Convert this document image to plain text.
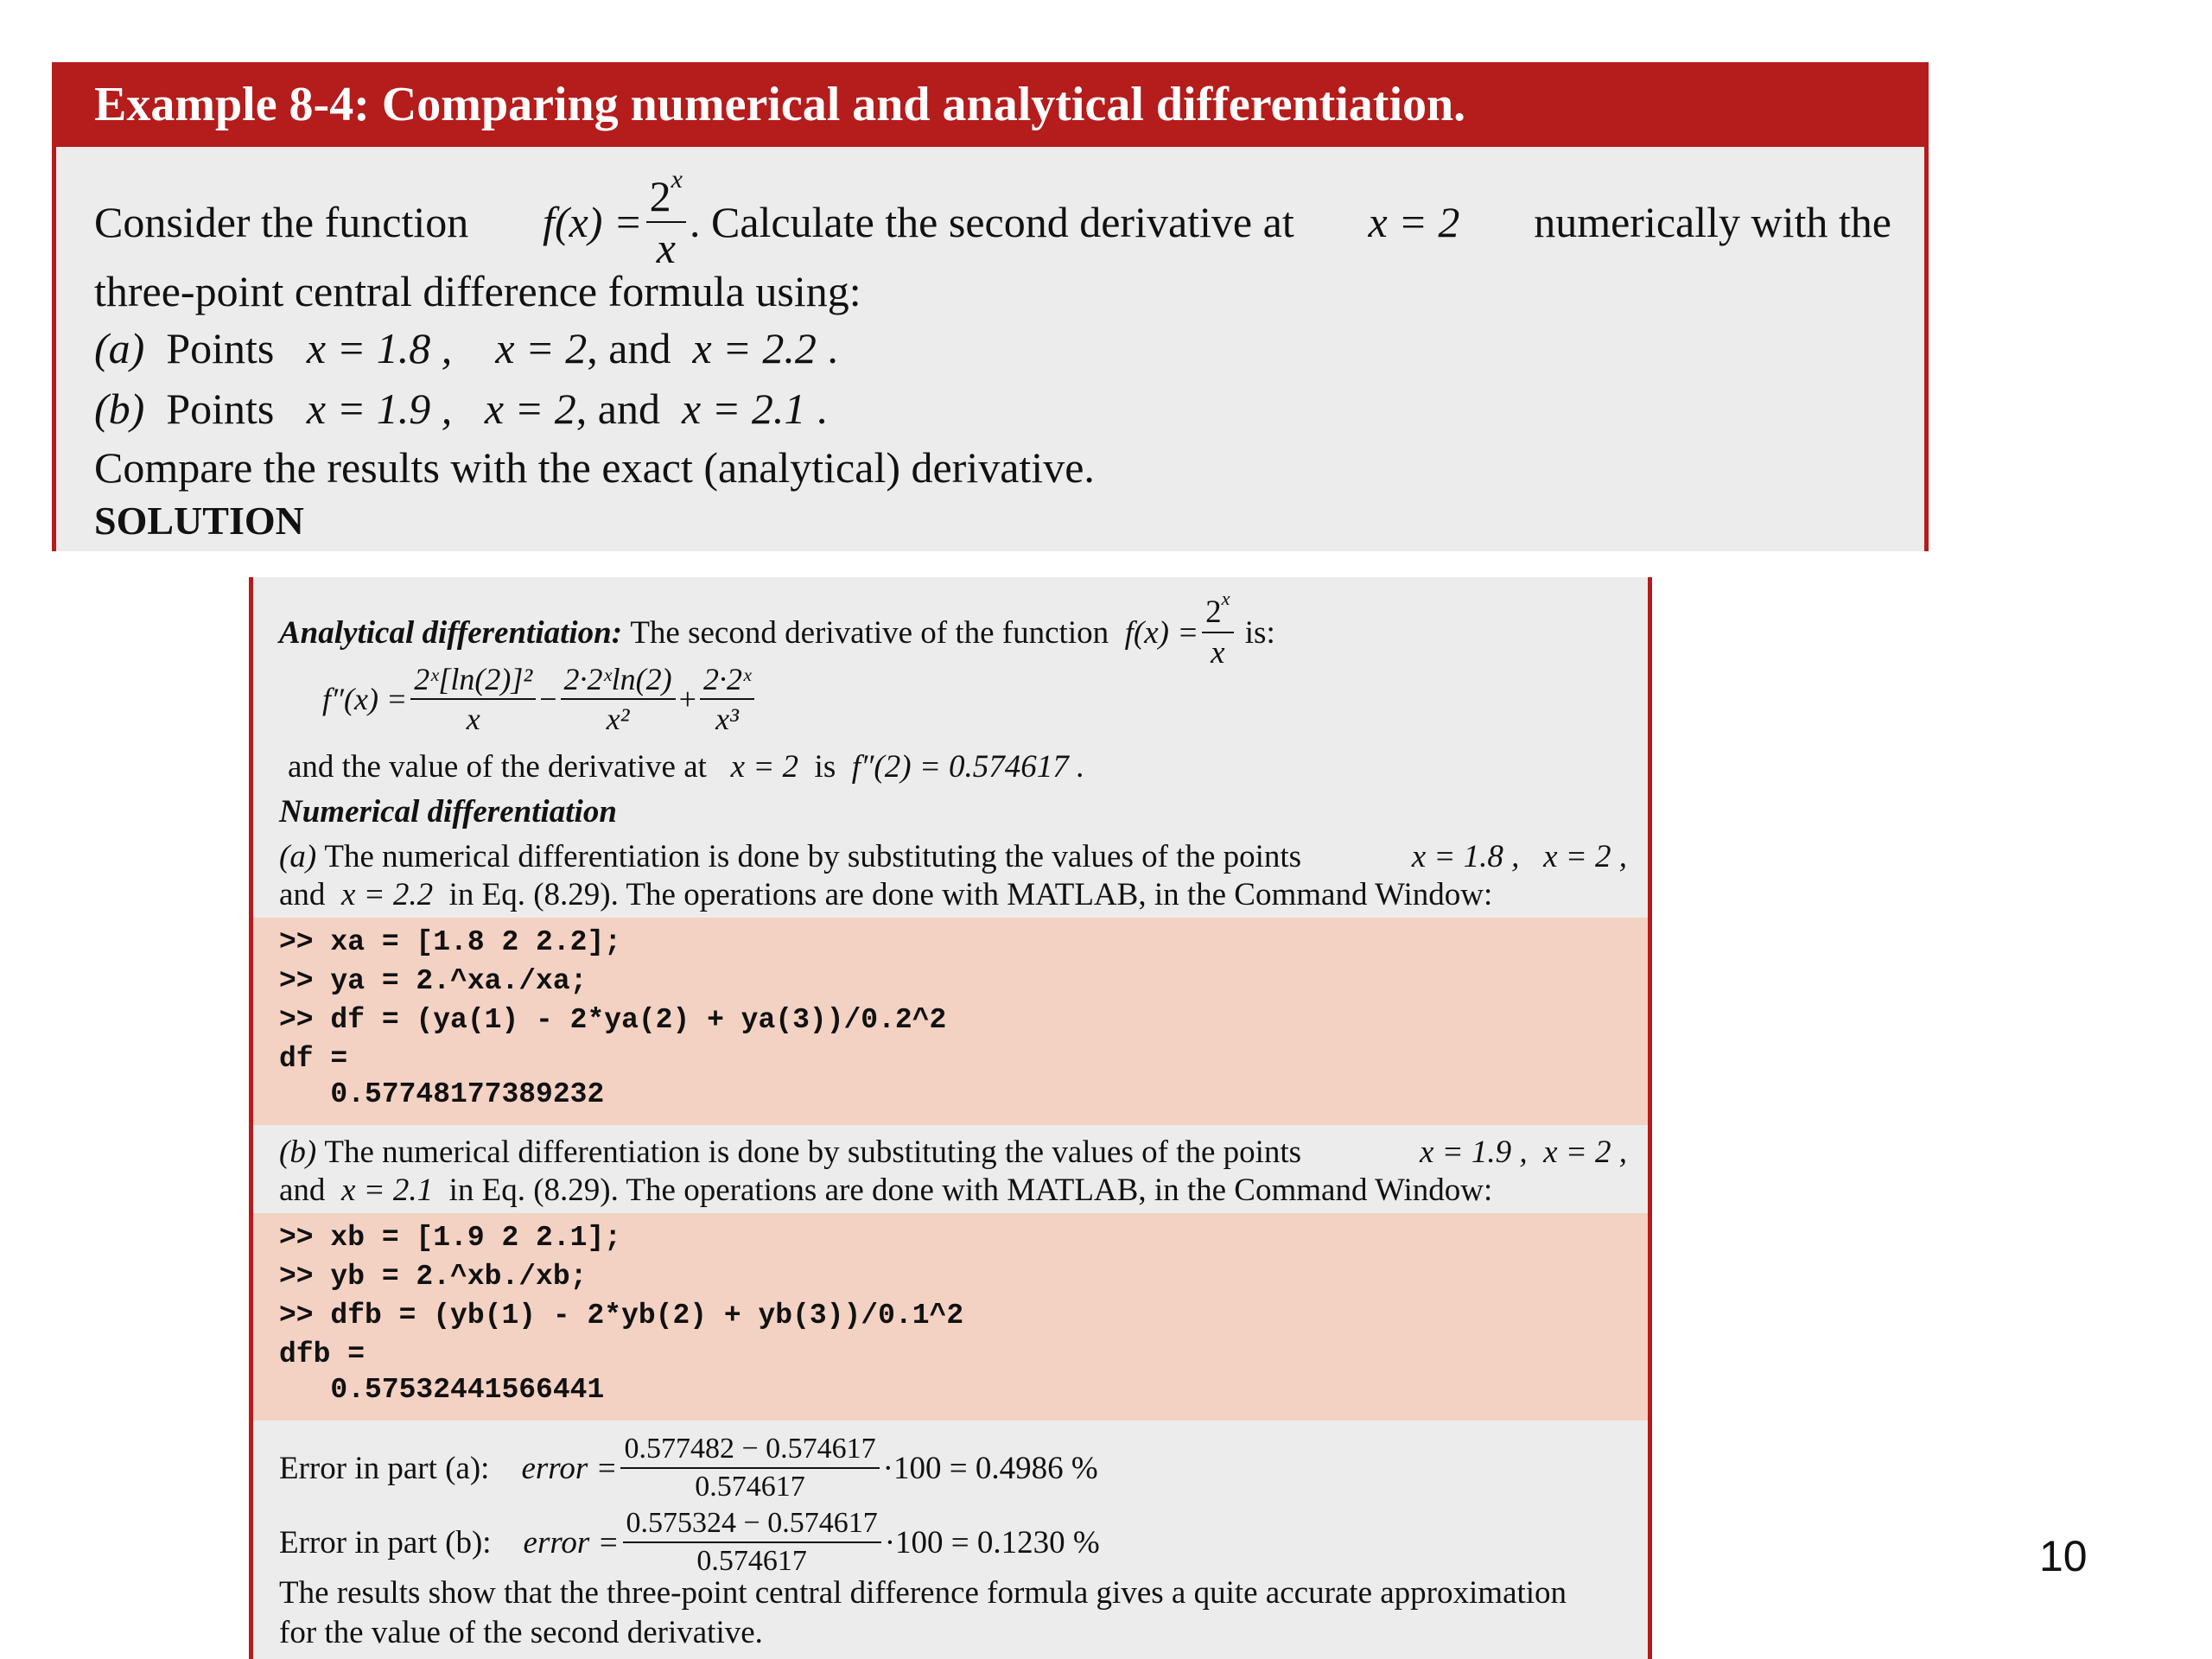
Example 8-4: Comparing numerical and analytical differentiation.
Consider the function $f(x) = \frac{2^x}{x}$ . Calculate the second derivative at x = 2 numerically with the
three-point central difference formula using:
(a) Points x = 1.8 , x = 2, and x = 2.2 .
(b) Points x = 1.9 , x = 2, and x = 2.1 .
Compare the results with the exact (analytical) derivative.
SOLUTION
Analytical differentiation:
The second derivative of the function
$f(x) = \frac{2^x}{x}$
is:
$f''(x) = \frac{\text{2ˣ[ln(2)]²}}{x} - \frac{\text{2·2ˣln(2)}}{\text{x²}} + \frac{\text{2·2ˣ}}{\text{x³}}$
and the value of the derivative at x = 2 is f″(2) = 0.574617 .
Numerical differentiation
(a) The numerical differentiation is done by substituting the values of the points	x = 1.8 , x = 2 ,
and x = 2.2 in Eq. (8.29). The operations are done with MATLAB, in the Command Window:
>> xa = [1.8 2 2.2];
>> ya = 2.^xa./xa;
>> df = (ya(1) - 2*ya(2) + ya(3))/0.2^2
df =
0.57748177389232
(b) The numerical differentiation is done by substituting the values of the points	x = 1.9 , x = 2 ,
and x = 2.1 in Eq. (8.29). The operations are done with MATLAB, in the Command Window:
>> xb = [1.9 2 2.1];
>> yb = 2.^xb./xb;
>> dfb = (yb(1) - 2*yb(2) + yb(3))/0.1^2
dfb =
0.57532441566441
Error in part (a):
error = $\frac{0.577482 - 0.574617}{0.574617} \cdot 100 = 0.4986$ %
Error in part (b):
error = $\frac{0.575324 - 0.574617}{0.574617} \cdot 100 = 0.1230$ %
The results show that the three-point central difference formula gives a quite accurate approximation
for the value of the second derivative.
10
